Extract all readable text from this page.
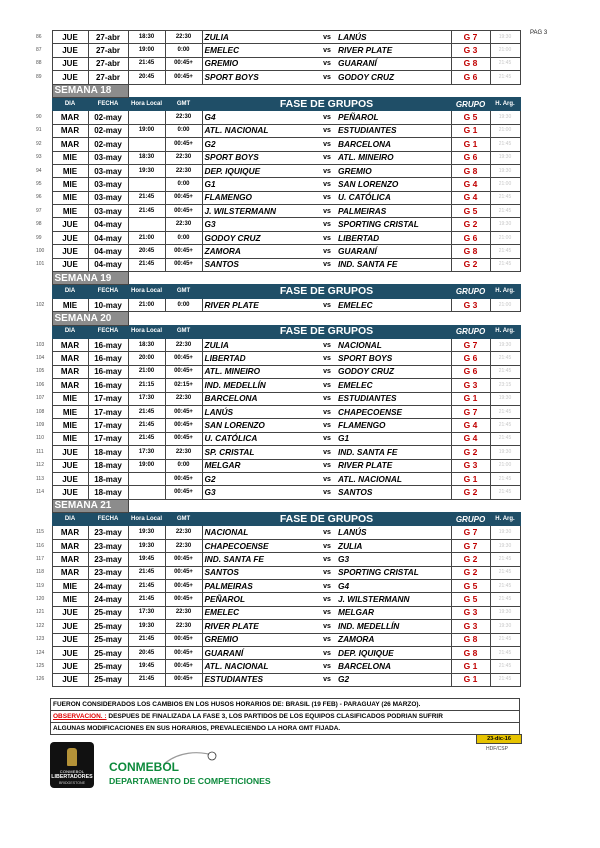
PAG 3
86	JUE	27-abr	18:30	22:30	ZULIA	vs	LANÚS	G 7	19:30
87	JUE	27-abr	19:00	0:00	EMELEC	vs	RIVER PLATE	G 3	21:00
88	JUE	27-abr	21:45	00:45+	GREMIO	vs	GUARANÍ	G 8	21:45
89	JUE	27-abr	20:45	00:45+	SPORT BOYS	vs	GODOY CRUZ	G 6	21:45
	SEMANA 18								
	DIA	FECHA	Hora Local	GMT	FASE DE GRUPOS			GRUPO	H. Arg.
90	MAR	02-may		22:30	G4	vs	PEÑAROL	G 5	19:30
91	MAR	02-may	19:00	0:00	ATL. NACIONAL	vs	ESTUDIANTES	G 1	21:00
92	MAR	02-may		00:45+	G2	vs	BARCELONA	G 1	21:45
93	MIE	03-may	18:30	22:30	SPORT BOYS	vs	ATL. MINEIRO	G 6	19:30
94	MIE	03-may	19:30	22:30	DEP. IQUIQUE	vs	GREMIO	G 8	19:30
95	MIE	03-may		0:00	G1	vs	SAN LORENZO	G 4	21:00
96	MIE	03-may	21:45	00:45+	FLAMENGO	vs	U. CATÓLICA	G 4	21:45
97	MIE	03-may	21:45	00:45+	J. WILSTERMANN	vs	PALMEIRAS	G 5	21:45
98	JUE	04-may		22:30	G3	vs	SPORTING CRISTAL	G 2	19:30
99	JUE	04-may	21:00	0:00	GODOY CRUZ	vs	LIBERTAD	G 6	21:00
100	JUE	04-may	20:45	00:45+	ZAMORA	vs	GUARANÍ	G 8	21:45
101	JUE	04-may	21:45	00:45+	SANTOS	vs	IND. SANTA FE	G 2	21:45
	SEMANA 19								
	DIA	FECHA	Hora Local	GMT	FASE DE GRUPOS			GRUPO	H. Arg.
102	MIE	10-may	21:00	0:00	RIVER PLATE	vs	EMELEC	G 3	21:00
	SEMANA 20								
	DIA	FECHA	Hora Local	GMT	FASE DE GRUPOS			GRUPO	H. Arg.
103	MAR	16-may	18:30	22:30	ZULIA	vs	NACIONAL	G 7	19:30
104	MAR	16-may	20:00	00:45+	LIBERTAD	vs	SPORT BOYS	G 6	21:45
105	MAR	16-may	21:00	00:45+	ATL. MINEIRO	vs	GODOY CRUZ	G 6	21:45
106	MAR	16-may	21:15	02:15+	IND. MEDELLÍN	vs	EMELEC	G 3	23:15
107	MIE	17-may	17:30	22:30	BARCELONA	vs	ESTUDIANTES	G 1	19:30
108	MIE	17-may	21:45	00:45+	LANÚS	vs	CHAPECOENSE	G 7	21:45
109	MIE	17-may	21:45	00:45+	SAN LORENZO	vs	FLAMENGO	G 4	21:45
110	MIE	17-may	21:45	00:45+	U. CATÓLICA	vs	G1	G 4	21:45
111	JUE	18-may	17:30	22:30	SP. CRISTAL	vs	IND. SANTA FE	G 2	19:30
112	JUE	18-may	19:00	0:00	MELGAR	vs	RIVER PLATE	G 3	21:00
113	JUE	18-may		00:45+	G2	vs	ATL. NACIONAL	G 1	21:45
114	JUE	18-may		00:45+	G3	vs	SANTOS	G 2	21:45
	SEMANA 21								
	DIA	FECHA	Hora Local	GMT	FASE DE GRUPOS			GRUPO	H. Arg.
115	MAR	23-may	19:30	22:30	NACIONAL	vs	LANÚS	G 7	19:30
116	MAR	23-may	19:30	22:30	CHAPECOENSE	vs	ZULIA	G 7	19:30
117	MAR	23-may	19:45	00:45+	IND. SANTA FE	vs	G3	G 2	21:45
118	MAR	23-may	21:45	00:45+	SANTOS	vs	SPORTING CRISTAL	G 2	21:45
119	MIE	24-may	21:45	00:45+	PALMEIRAS	vs	G4	G 5	21:45
120	MIE	24-may	21:45	00:45+	PEÑAROL	vs	J. WILSTERMANN	G 5	21:45
121	JUE	25-may	17:30	22:30	EMELEC	vs	MELGAR	G 3	19:30
122	JUE	25-may	19:30	22:30	RIVER PLATE	vs	IND. MEDELLÍN	G 3	19:30
123	JUE	25-may	21:45	00:45+	GREMIO	vs	ZAMORA	G 8	21:45
124	JUE	25-may	20:45	00:45+	GUARANÍ	vs	DEP. IQUIQUE	G 8	21:45
125	JUE	25-may	19:45	00:45+	ATL. NACIONAL	vs	BARCELONA	G 1	21:45
126	JUE	25-may	21:45	00:45+	ESTUDIANTES	vs	G2	G 1	21:45
FUERON CONSIDERADOS LOS CAMBIOS EN LOS HUSOS HORARIOS DE: BRASIL (19 FEB) - PARAGUAY (26 MARZO).
OBSERVACION. : DESPUES DE FINALIZADA LA FASE 3, LOS PARTIDOS DE LOS EQUIPOS CLASIFICADOS PODRIAN SUFRIR
ALGUNAS MODIFICACIONES EN SUS HORARIOS, PREVALECIENDO LA HORA GMT FIJADA.
23-dic-16
HDF/CSP
CONMEBOL
LIBERTADORES
BRIDGESTONE
CONMEBOL
DEPARTAMENTO DE COMPETICIONES
